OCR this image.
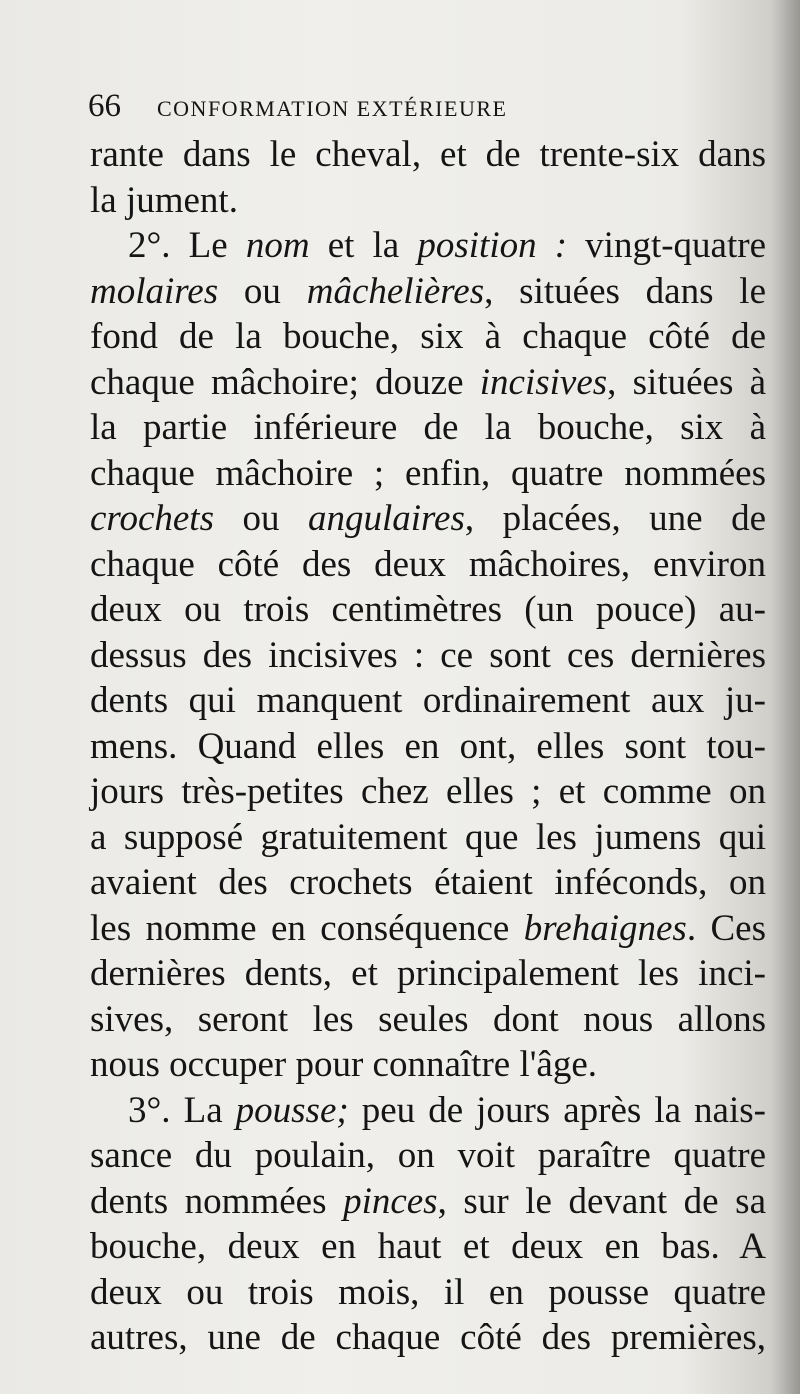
66 CONFORMATION EXTÉRIEURE
rante dans le cheval, et de trente-six dans
la jument.
2°. Le nom et la position : vingt-quatre
molaires ou mâchelières, situées dans le
fond de la bouche, six à chaque côté de
chaque mâchoire; douze incisives, situées à
la partie inférieure de la bouche, six à
chaque mâchoire ; enfin, quatre nommées
crochets ou angulaires, placées, une de
chaque côté des deux mâchoires, environ
deux ou trois centimètres (un pouce) au-
dessus des incisives : ce sont ces dernières
dents qui manquent ordinairement aux ju-
mens. Quand elles en ont, elles sont tou-
jours très-petites chez elles ; et comme on
a supposé gratuitement que les jumens qui
avaient des crochets étaient inféconds, on
les nomme en conséquence brehaignes. Ces
dernières dents, et principalement les inci-
sives, seront les seules dont nous allons
nous occuper pour connaître l'âge.
3°. La pousse; peu de jours après la nais-
sance du poulain, on voit paraître quatre
dents nommées pinces, sur le devant de sa
bouche, deux en haut et deux en bas. A
deux ou trois mois, il en pousse quatre
autres, une de chaque côté des premières,
